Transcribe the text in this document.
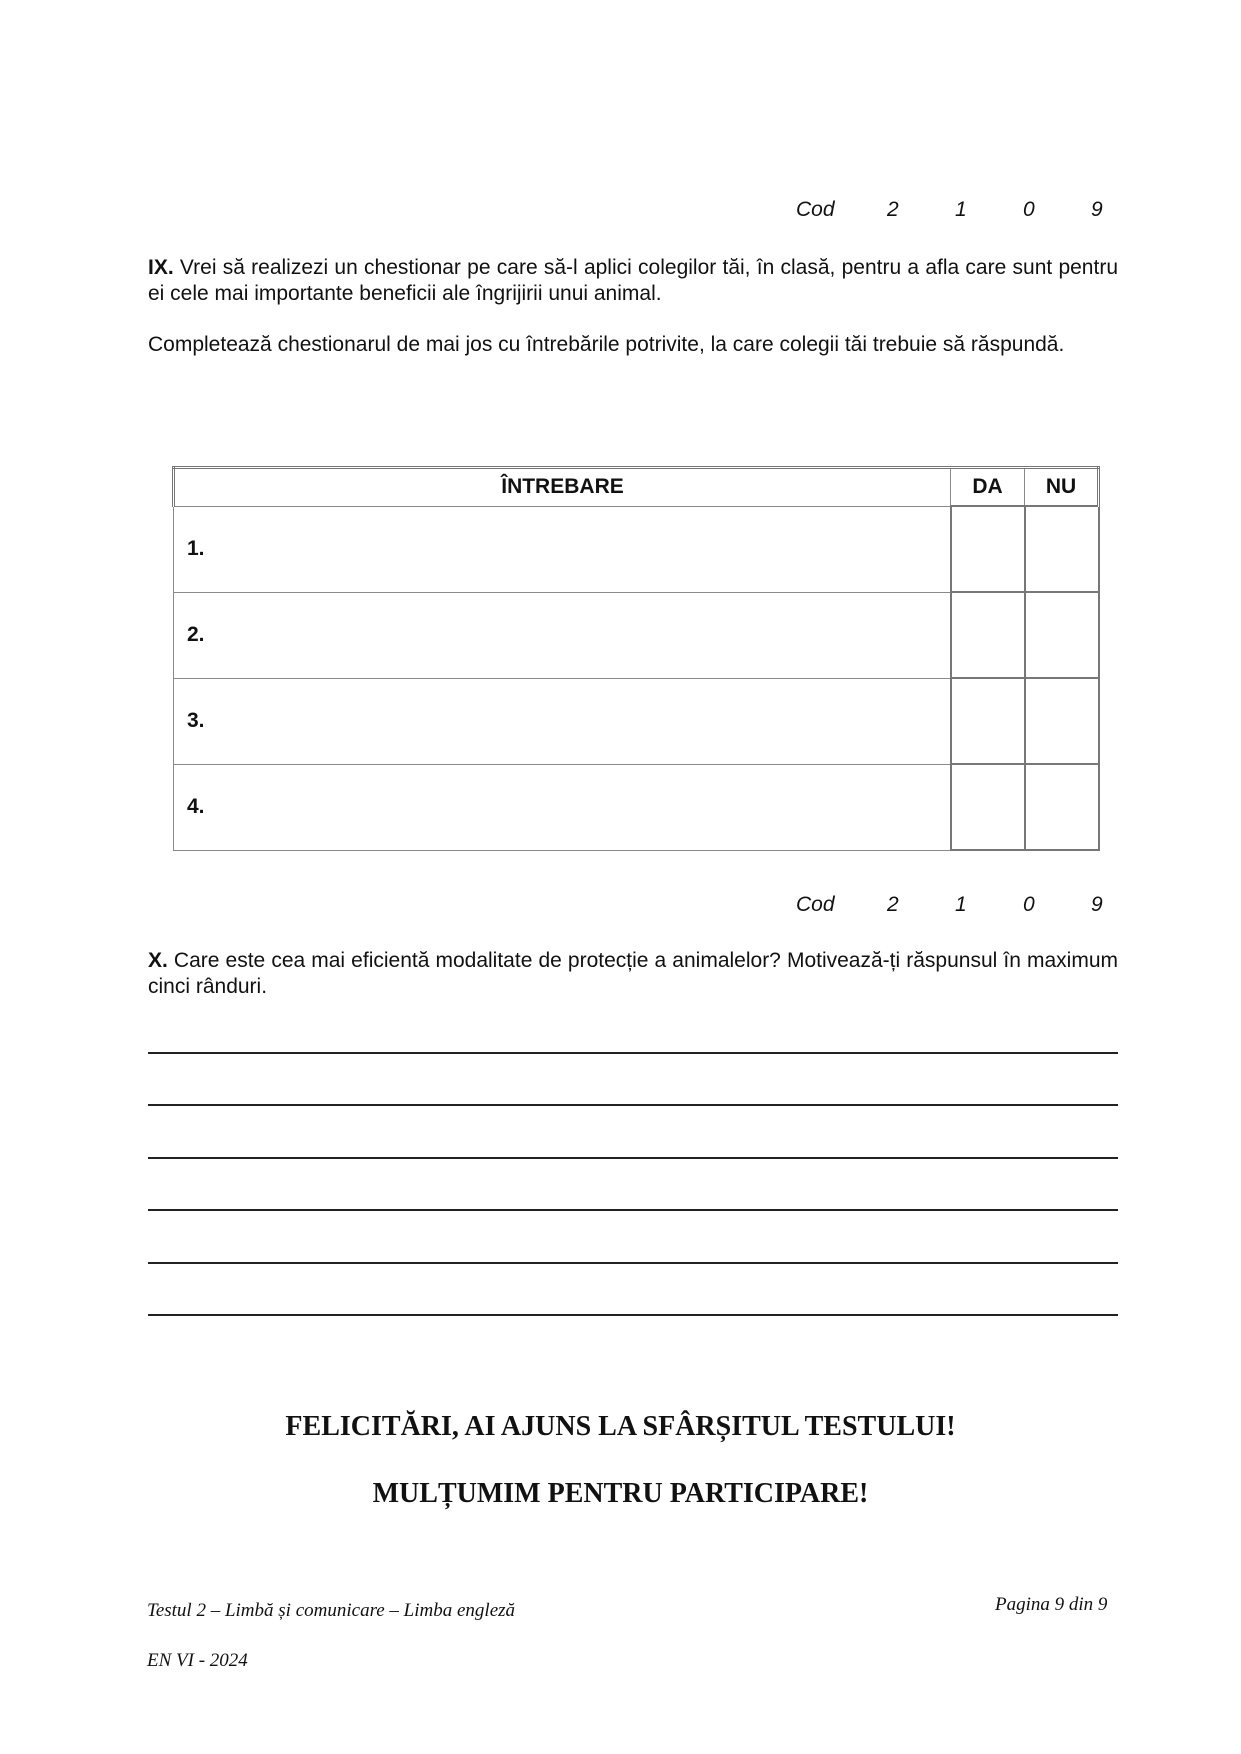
Cod 2	1	0	9
IX. Vrei să realizezi un chestionar pe care să-l aplici colegilor tăi, în clasă, pentru a afla care sunt pentru ei cele mai importante beneficii ale îngrijirii unui animal.
Completează chestionarul de mai jos cu întrebările potrivite, la care colegii tăi trebuie să răspundă.
ÎNTREBARE	DA	NU
1.		
2.		
3.		
4.		
Cod 2	1	0	9
X. Care este cea mai eficientă modalitate de protecție a animalelor? Motivează-ți răspunsul în maximum cinci rânduri.
FELICITĂRI, AI AJUNS LA SFÂRȘITUL TESTULUI!
MULȚUMIM PENTRU PARTICIPARE!
Testul 2 – Limbă și comunicare – Limba engleză	Pagina 9 din 9
EN VI - 2024
